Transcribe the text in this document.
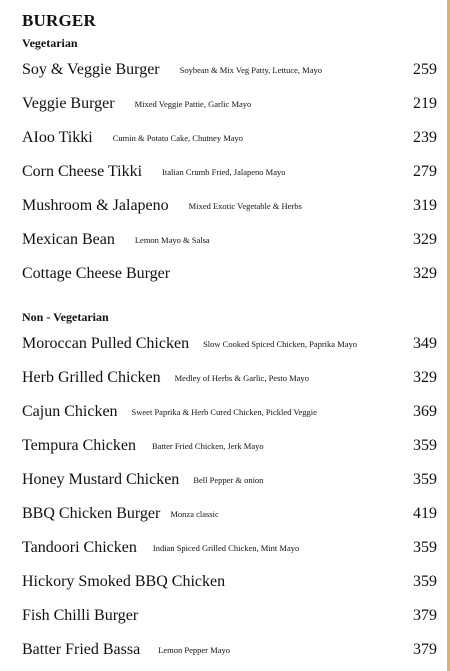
BURGER
Vegetarian
Soy & Veggie Burger Soybean & Mix Veg Patty, Lettuce, Mayo	259
Veggie Burger Mixed Veggie Pattie, Garlic Mayo	219
AIoo Tikki Cumin & Potato Cake, Chutney Mayo	239
Corn Cheese Tikki Italian Crumb Fried, Jalapeno Mayo	279
Mushroom & Jalapeno Mixed Exotic Vegetable & Herbs	319
Mexican Bean Lemon Mayo & Salsa	329
Cottage Cheese Burger	329
Non - Vegetarian
Moroccan Pulled Chicken Slow Cooked Spiced Chicken, Paprika Mayo	349
Herb Grilled Chicken Medley of Herbs & Garlic, Pesto Mayo	329
Cajun Chicken Sweet Paprika & Herb Cured Chicken, Pickled Veggie	369
Tempura Chicken Batter Fried Chicken, Jerk Mayo	359
Honey Mustard Chicken Bell Pepper & onion	359
BBQ Chicken Burger Monza classic	419
Tandoori Chicken Indian Spiced Grilled Chicken, Mint Mayo	359
Hickory Smoked BBQ Chicken	359
Fish Chilli Burger	379
Batter Fried Bassa Lemon Pepper Mayo	379
